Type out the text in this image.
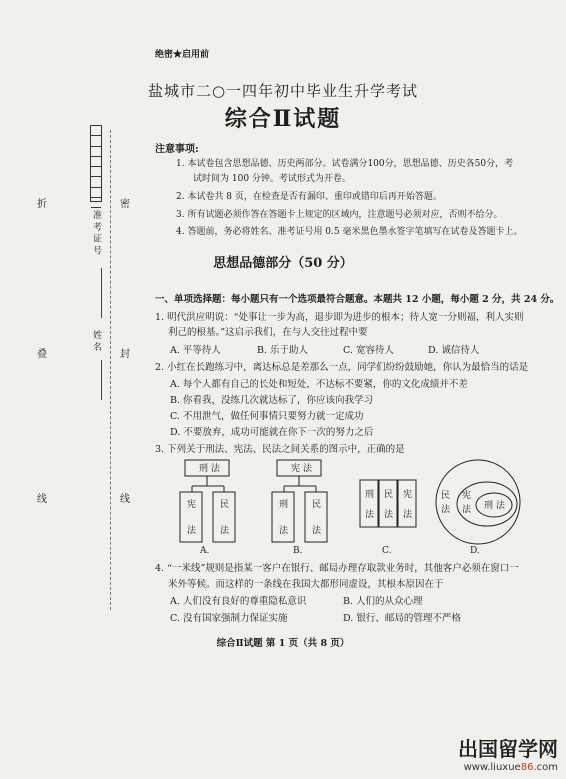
折
叠
线
密
封
线
准 考 证 号
姓 名
绝密★启用前
盐城市二○一四年初中毕业生升学考试
综合Ⅱ试题
注意事项:
1. 本试卷包含思想品德、历史两部分。试卷满分100分，思想品德、历史各50分，考
试时间为 100 分钟。考试形式为开卷。
2. 本试卷共 8 页，在检查是否有漏印、重印或错印后再开始答题。
3. 所有试题必须作答在答题卡上规定的区域内，注意题号必须对应，否则不给分。
4. 答题前，务必将姓名、准考证号用 0.5 毫米黑色墨水签字笔填写在试卷及答题卡上。
思想品德部分（50 分）
一、单项选择题：每小题只有一个选项最符合题意。本题共 12 小题，每小题 2 分，共 24 分。
1. 明代洪应明说：“处事让一步为高，退步即为进步的根本；待人宽一分则福，利人实则
利己的根基。”这启示我们，在与人交往过程中要
A. 平等待人	B. 乐于助人	C. 宽容待人	D. 诚信待人
2. 小红在长跑练习中，离达标总是差那么一点，同学们纷纷鼓励她，你认为最恰当的话是
A. 每个人都有自己的长处和短处，不达标不要紧，你的文化成绩并不差
B. 你看我，没练几次就达标了，你应该向我学习
C. 不用泄气，做任何事情只要努力就一定成功
D. 不要放弃，成功可能就在你下一次的努力之后
3. 下列关于刑法、宪法、民法之间关系的图示中，正确的是
刑 法
宪
法
民
法
宪 法
刑
法
民
法
刑
法
民
法
宪
法
民
法
宪
法 刑 法
A.	B.	C.	D.
4. “一米线”规则是指某一客户在银行、邮局办理存取款业务时，其他客户必须在窗口一
米外等候。而这样的一条线在我国大都形同虚设，其根本原因在于
A. 人们没有良好的尊重隐私意识	B. 人们的从众心理
C. 没有国家强制力保证实施	D. 银行、邮局的管理不严格
综合Ⅱ试题 第 1 页（共 8 页）
出国留学网
www.liuxue86.com
